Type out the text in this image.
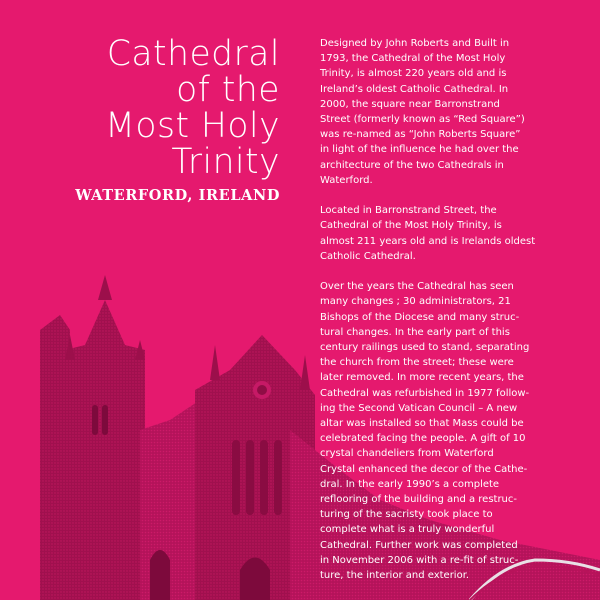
Cathedral
of the
Most Holy
Trinity
WATERFORD, IRELAND

Designed by John Roberts and Built in
1793, the Cathedral of the Most Holy
Trinity, is almost 220 years old and is
Ireland’s oldest Catholic Cathedral. In
2000, the square near Barronstrand
Street (formerly known as “Red Square”)
was re-named as “John Roberts Square”
in light of the influence he had over the
architecture of the two Cathedrals in
Waterford.

Located in Barronstrand Street, the
Cathedral of the Most Holy Trinity, is
almost 211 years old and is Irelands oldest
Catholic Cathedral.

Over the years the Cathedral has seen
many changes ; 30 administrators, 21
Bishops of the Diocese and many struc-
tural changes. In the early part of this
century railings used to stand, separating
the church from the street; these were
later removed. In more recent years, the
Cathedral was refurbished in 1977 follow-
ing the Second Vatican Council – A new
altar was installed so that Mass could be
celebrated facing the people. A gift of 10
crystal chandeliers from Waterford
Crystal enhanced the decor of the Cathe-
dral. In the early 1990’s a complete
reflooring of the building and a restruc-
turing of the sacristy took place to
complete what is a truly wonderful
Cathedral. Further work was completed
in November 2006 with a re-fit of struc-
ture, the interior and exterior.
